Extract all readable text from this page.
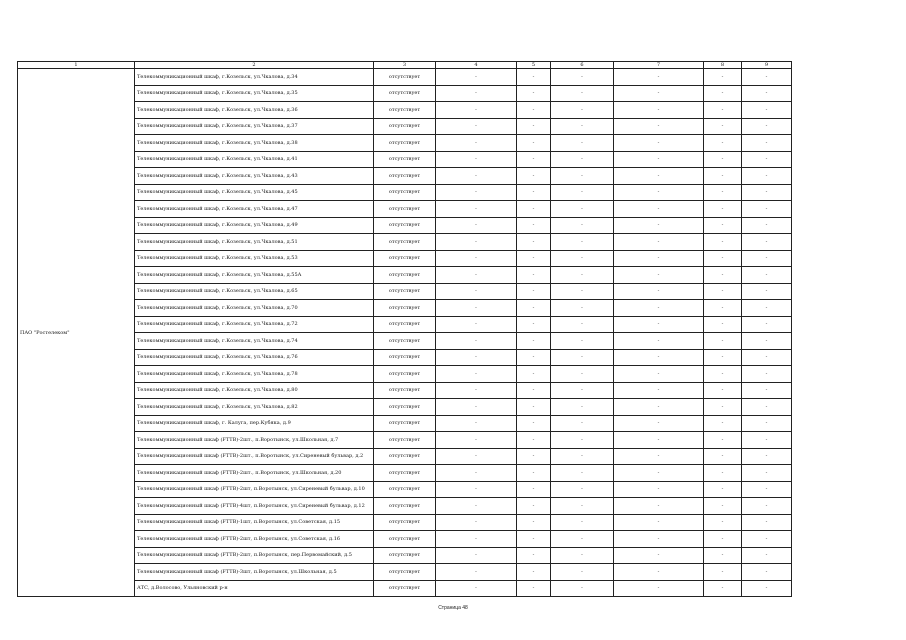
1	2	3	4	5	6	7	8	9
ПАО "Ростелеком"	Телекоммуникационный шкаф, г.Козельск, ул.Чкалова, д.34	отсутствует	-	-	-	-	-	-
	Телекоммуникационный шкаф, г.Козельск, ул.Чкалова, д.35	отсутствует	-	-	-	-	-	-
	Телекоммуникационный шкаф, г.Козельск, ул.Чкалова, д.36	отсутствует	-	-	-	-	-	-
	Телекоммуникационный шкаф, г.Козельск, ул.Чкалова, д.37	отсутствует	-	-	-	-	-	-
	Телекоммуникационный шкаф, г.Козельск, ул.Чкалова, д.38	отсутствует	-	-	-	-	-	-
	Телекоммуникационный шкаф, г.Козельск, ул.Чкалова, д.41	отсутствует	-	-	-	-	-	-
	Телекоммуникационный шкаф, г.Козельск, ул.Чкалова, д.43	отсутствует	-	-	-	-	-	-
	Телекоммуникационный шкаф, г.Козельск, ул.Чкалова, д.45	отсутствует	-	-	-	-	-	-
	Телекоммуникационный шкаф, г.Козельск, ул.Чкалова, д.47	отсутствует	-	-	-	-	-	-
	Телекоммуникационный шкаф, г.Козельск, ул.Чкалова, д.49	отсутствует	-	-	-	-	-	-
	Телекоммуникационный шкаф, г.Козельск, ул.Чкалова, д.51	отсутствует	-	-	-	-	-	-
	Телекоммуникационный шкаф, г.Козельск, ул.Чкалова, д.53	отсутствует	-	-	-	-	-	-
	Телекоммуникационный шкаф, г.Козельск, ул.Чкалова, д.55А	отсутствует	-	-	-	-	-	-
	Телекоммуникационный шкаф, г.Козельск, ул.Чкалова, д.65	отсутствует	-	-	-	-	-	-
	Телекоммуникационный шкаф, г.Козельск, ул.Чкалова, д.70	отсутствует	-	-	-	-	-	-
	Телекоммуникационный шкаф, г.Козельск, ул.Чкалова, д.72	отсутствует	-	-	-	-	-	-
	Телекоммуникационный шкаф, г.Козельск, ул.Чкалова, д.74	отсутствует	-	-	-	-	-	-
	Телекоммуникационный шкаф, г.Козельск, ул.Чкалова, д.76	отсутствует	-	-	-	-	-	-
	Телекоммуникационный шкаф, г.Козельск, ул.Чкалова, д.78	отсутствует	-	-	-	-	-	-
	Телекоммуникационный шкаф, г.Козельск, ул.Чкалова, д.80	отсутствует	-	-	-	-	-	-
	Телекоммуникационный шкаф, г.Козельск, ул.Чкалова, д.82	отсутствует	-	-	-	-	-	-
	Телекоммуникационный шкаф, г. Калуга, пер.Кубяка, д.9	отсутствует	-	-	-	-	-	-
	Телекоммуникационный шкаф (FTTB)-2шт., п.Воротынск, ул.Школьная, д.7	отсутствует	-	-	-	-	-	-
	Телекоммуникационный шкаф (FTTB)-2шт., п.Воротынск, ул.Сиреневый бульвар, д.2	отсутствует	-	-	-	-	-	-
	Телекоммуникационный шкаф (FTTB)-2шт., п.Воротынск, ул.Школьная, д.20	отсутствует	-	-	-	-	-	-
	Телекоммуникационный шкаф (FTTB)-2шт, п.Воротынск, ул.Сиреневый бульвар, д.10	отсутствует	-	-	-	-	-	-
	Телекоммуникационный шкаф (FTTB)-4шт, п.Воротынск, ул.Сиреневый бульвар, д.12	отсутствует	-	-	-	-	-	-
	Телекоммуникационный шкаф (FTTB)-1шт, п.Воротынск, ул.Советская, д.15	отсутствует	-	-	-	-	-	-
	Телекоммуникационный шкаф (FTTB)-2шт, п.Воротынск, ул.Советская, д.16	отсутствует	-	-	-	-	-	-
	Телекоммуникационный шкаф (FTTB)-2шт, п.Воротынск, пер.Первомайский, д.5	отсутствует	-	-	-	-	-	-
	Телекоммуникационный шкаф (FTTB)-3шт, п.Воротынск, ул.Школьная, д.5	отсутствует	-	-	-	-	-	-
	АТС, д.Волосово, Ульяновский р-н	отсутствует	-	-	-	-	-	-
Страница 48
